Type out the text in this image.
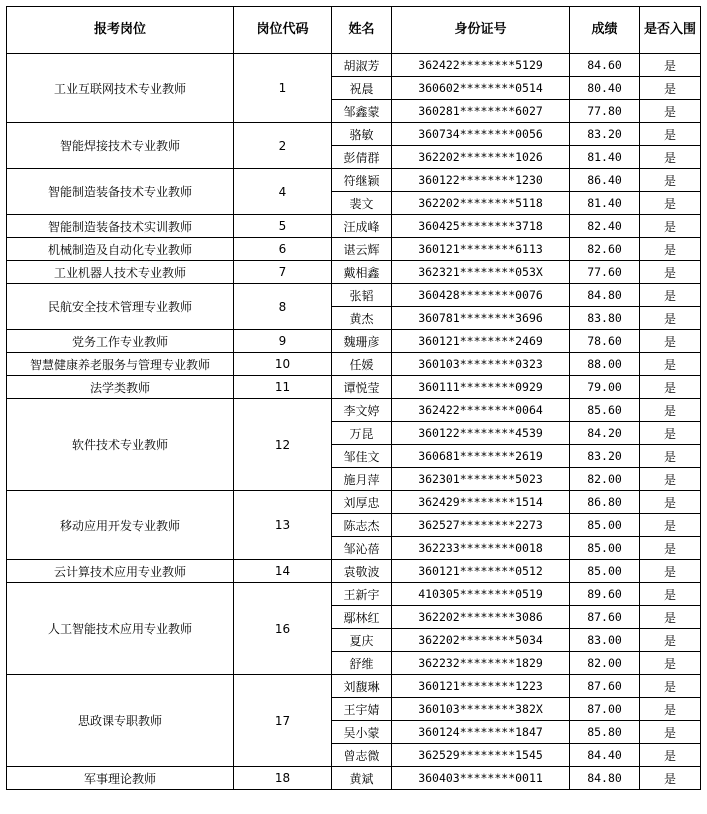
报考岗位	岗位代码	姓名	身份证号	成绩	是否入围
工业互联网技术专业教师	1	胡淑芳	362422********5129	84.60	是
		祝晨	360602********0514	80.40	是
		邹鑫蒙	360281********6027	77.80	是
智能焊接技术专业教师	2	骆敏	360734********0056	83.20	是
		彭倩群	362202********1026	81.40	是
智能制造装备技术专业教师	4	符继颖	360122********1230	86.40	是
		裴文	362202********5118	81.40	是
智能制造装备技术实训教师	5	汪成峰	360425********3718	82.40	是
机械制造及自动化专业教师	6	谌云辉	360121********6113	82.60	是
工业机器人技术专业教师	7	戴相鑫	362321********053X	77.60	是
民航安全技术管理专业教师	8	张韬	360428********0076	84.80	是
		黄杰	360781********3696	83.80	是
党务工作专业教师	9	魏珊彦	360121********2469	78.60	是
智慧健康养老服务与管理专业教师	10	任媛	360103********0323	88.00	是
法学类教师	11	谭悦莹	360111********0929	79.00	是
软件技术专业教师	12	李文婷	362422********0064	85.60	是
		万昆	360122********4539	84.20	是
		邹佳文	360681********2619	83.20	是
		施月萍	362301********5023	82.00	是
移动应用开发专业教师	13	刘厚忠	362429********1514	86.80	是
		陈志杰	362527********2273	85.00	是
		邹沁蓓	362233********0018	85.00	是
云计算技术应用专业教师	14	袁敬波	360121********0512	85.00	是
人工智能技术应用专业教师	16	王新宇	410305********0519	89.60	是
		鄢林红	362202********3086	87.60	是
		夏庆	362202********5034	83.00	是
		舒维	362232********1829	82.00	是
思政课专职教师	17	刘馥琳	360121********1223	87.60	是
		王宇婧	360103********382X	87.00	是
		吴小蒙	360124********1847	85.80	是
		曾志微	362529********1545	84.40	是
军事理论教师	18	黄斌	360403********0011	84.80	是
